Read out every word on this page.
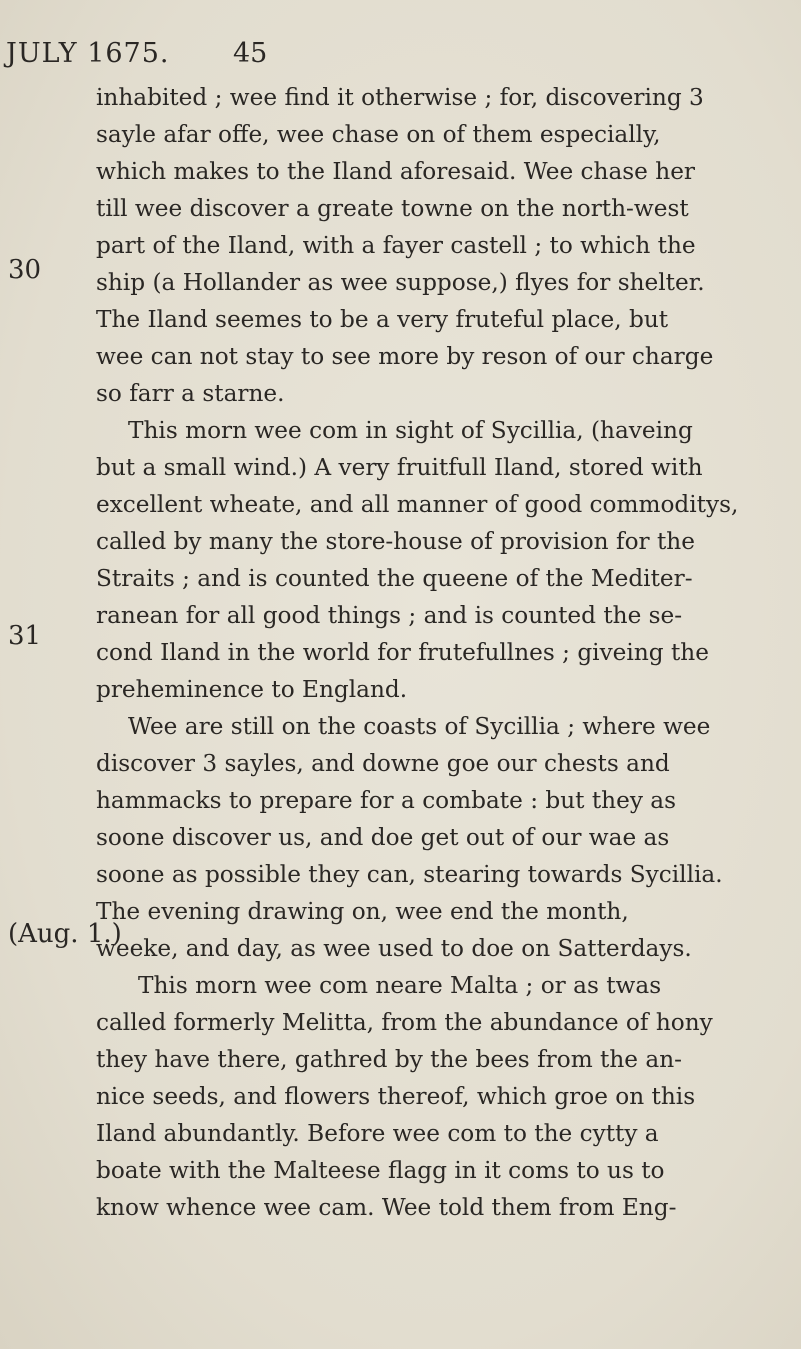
JULY 1675. 45
30
31
(Aug. 1.)
inhabited ; wee find it otherwise ; for, discovering 3
sayle afar offe, wee chase on of them especially,
which makes to the Iland aforesaid. Wee chase her
till wee discover a greate towne on the north-west
part of the Iland, with a fayer castell ; to which the
ship (a Hollander as wee suppose,) flyes for shelter.
The Iland seemes to be a very fruteful place, but
wee can not stay to see more by reson of our charge
so farr a starne.
This morn wee com in sight of Sycillia, (haveing
but a small wind.) A very fruitfull Iland, stored with
excellent wheate, and all manner of good commoditys,
called by many the store-house of provision for the
Straits ; and is counted the queene of the Mediter-
ranean for all good things ; and is counted the se-
cond Iland in the world for frutefullnes ; giveing the
preheminence to England.
Wee are still on the coasts of Sycillia ; where wee
discover 3 sayles, and downe goe our chests and
hammacks to prepare for a combate : but they as
soone discover us, and doe get out of our wae as
soone as possible they can, stearing towards Sycillia.
The evening drawing on, wee end the month,
weeke, and day, as wee used to doe on Satterdays.
This morn wee com neare Malta ; or as twas
called formerly Melitta, from the abundance of hony
they have there, gathred by the bees from the an-
nice seeds, and flowers thereof, which groe on this
Iland abundantly. Before wee com to the cytty a
boate with the Malteese flagg in it coms to us to
know whence wee cam. Wee told them from Eng-
